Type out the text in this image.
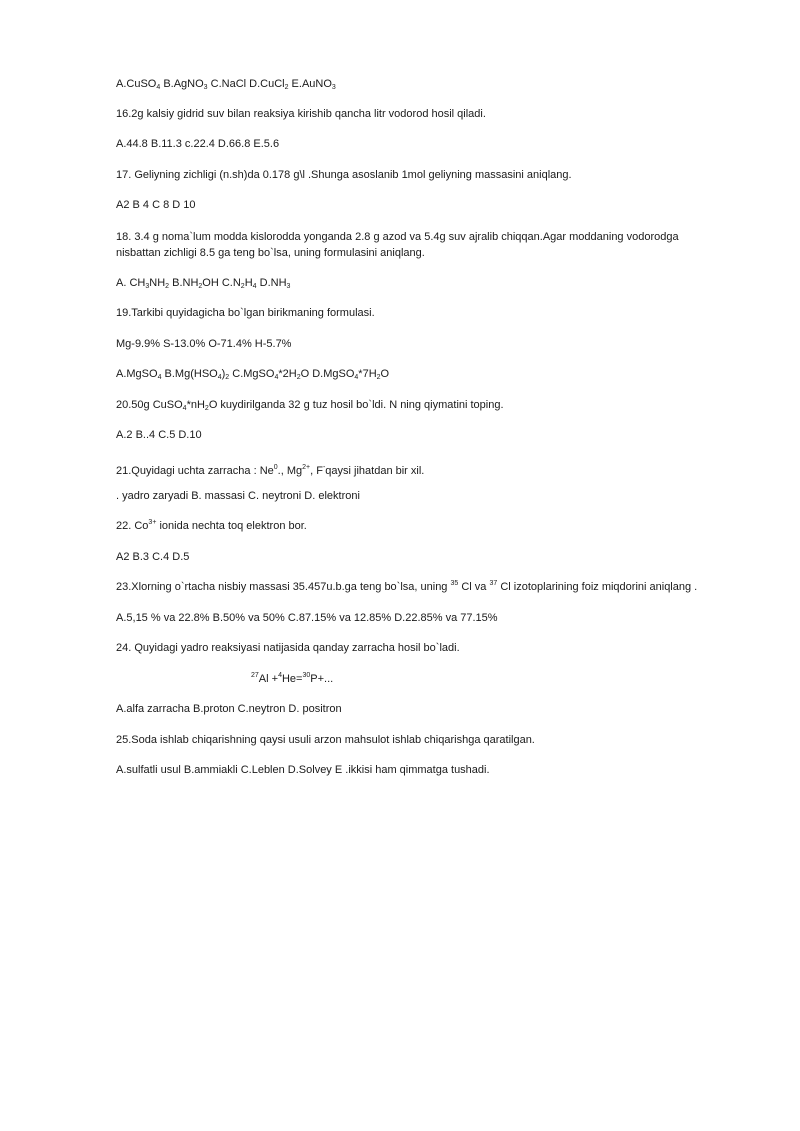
A.CuSO$_4$ B.AgNO$_3$ C.NaCl D.CuCl$_2$ E.AuNO$_3$
16.2g kalsiy gidrid suv bilan reaksiya kirishib qancha litr vodorod hosil qiladi.
A.44.8 B.11.3 c.22.4 D.66.8 E.5.6
17. Geliyning zichligi (n.sh)da 0.178 g\l .Shunga asoslanib 1mol geliyning massasini aniqlang.
A2 B 4 C 8 D 10
18. 3.4 g noma`lum modda kislorodda yonganda 2.8 g azod va 5.4g suv ajralib chiqqan.Agar moddaning vodorodga nisbattan zichligi 8.5 ga teng bo`lsa, uning formulasini aniqlang.
A. $CH_3NH_2$ $B.NH_2OH$ $C.N_2H_4$ $D.NH_3$
19.Tarkibi quyidagicha bo`lgan birikmaning formulasi.
Mg-9.9% S-13.0% O-71.4% H-5.7%
A.MgSO$_4$ $B.Mg(HSO_4)_2$ $C.MgSO_4*2H_2O$ $D.MgSO_4*7H_2O$
20.50g $CuSO_4*nH_2O$ kuydirilganda 32 g tuz hosil bo`ldi. N ning qiymatini toping.
A.2 B..4 C.5 D.10
21.Quyidagi uchta zarracha : Ne$^0$., $Mg^{2+}$, F-qaysi jihatdan bir xil.
. yadro zaryadi B. massasi C. neytroni D. elektroni
22. $Co^{3+}$ ionida nechta toq elektron bor.
A2 B.3 C.4 D.5
23.Xlorning o`rtacha nisbiy massasi 35.457u.b.ga teng bo`lsa, uning $^{35}$ Cl va $^{37}$ Cl izotoplarining foiz miqdorini aniqlang .
A.5,15 % va 22.8% B.50% va 50% C.87.15% va 12.85% D.22.85% va 77.15%
24. Quyidagi yadro reaksiyasi natijasida qanday zarracha hosil bo`ladi.
$^{27}$Al +$^4$He=$^{30}$P+...
A.alfa zarracha B.proton C.neytron D. positron
25.Soda ishlab chiqarishning qaysi usuli arzon mahsulot ishlab chiqarishga qaratilgan.
A.sulfatli usul B.ammiakli C.Leblen D.Solvey E .ikkisi ham qimmatga tushadi.
